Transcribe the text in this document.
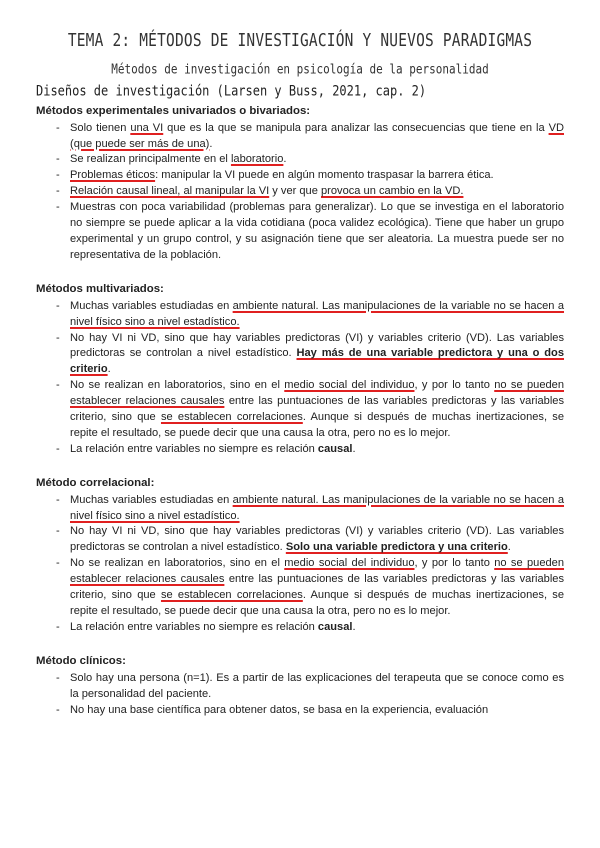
TEMA 2: MÉTODOS DE INVESTIGACIÓN Y NUEVOS PARADIGMAS
Métodos de investigación en psicología de la personalidad
Diseños de investigación (Larsen y Buss, 2021, cap. 2)
Métodos experimentales univariados o bivariados:
- Solo tienen una VI que es la que se manipula para analizar las consecuencias que tiene en la VD (que puede ser más de una).
- Se realizan principalmente en el laboratorio.
- Problemas éticos: manipular la VI puede en algún momento traspasar la barrera ética.
- Relación causal lineal, al manipular la VI y ver que provoca un cambio en la VD.
- Muestras con poca variabilidad (problemas para generalizar). Lo que se investiga en el laboratorio no siempre se puede aplicar a la vida cotidiana (poca validez ecológica). Tiene que haber un grupo experimental y un grupo control, y su asignación tiene que ser aleatoria. La muestra puede ser no representativa de la población.
Métodos multivariados:
- Muchas variables estudiadas en ambiente natural. Las manipulaciones de la variable no se hacen a nivel físico sino a nivel estadístico.
- No hay VI ni VD, sino que hay variables predictoras (VI) y variables criterio (VD). Las variables predictoras se controlan a nivel estadístico. Hay más de una variable predictora y una o dos criterio.
- No se realizan en laboratorios, sino en el medio social del individuo, y por lo tanto no se pueden establecer relaciones causales entre las puntuaciones de las variables predictoras y las variables criterio, sino que se establecen correlaciones. Aunque si después de muchas inertizaciones, se repite el resultado, se puede decir que una causa la otra, pero no es lo mejor.
- La relación entre variables no siempre es relación causal.
Método correlacional:
- Muchas variables estudiadas en ambiente natural. Las manipulaciones de la variable no se hacen a nivel físico sino a nivel estadístico.
- No hay VI ni VD, sino que hay variables predictoras (VI) y variables criterio (VD). Las variables predictoras se controlan a nivel estadístico. Solo una variable predictora y una criterio.
- No se realizan en laboratorios, sino en el medio social del individuo, y por lo tanto no se pueden establecer relaciones causales entre las puntuaciones de las variables predictoras y las variables criterio, sino que se establecen correlaciones. Aunque si después de muchas inertizaciones, se repite el resultado, se puede decir que una causa la otra, pero no es lo mejor.
- La relación entre variables no siempre es relación causal.
Método clínicos:
- Solo hay una persona (n=1). Es a partir de las explicaciones del terapeuta que se conoce como es la personalidad del paciente.
- No hay una base científica para obtener datos, se basa en la experiencia, evaluación
